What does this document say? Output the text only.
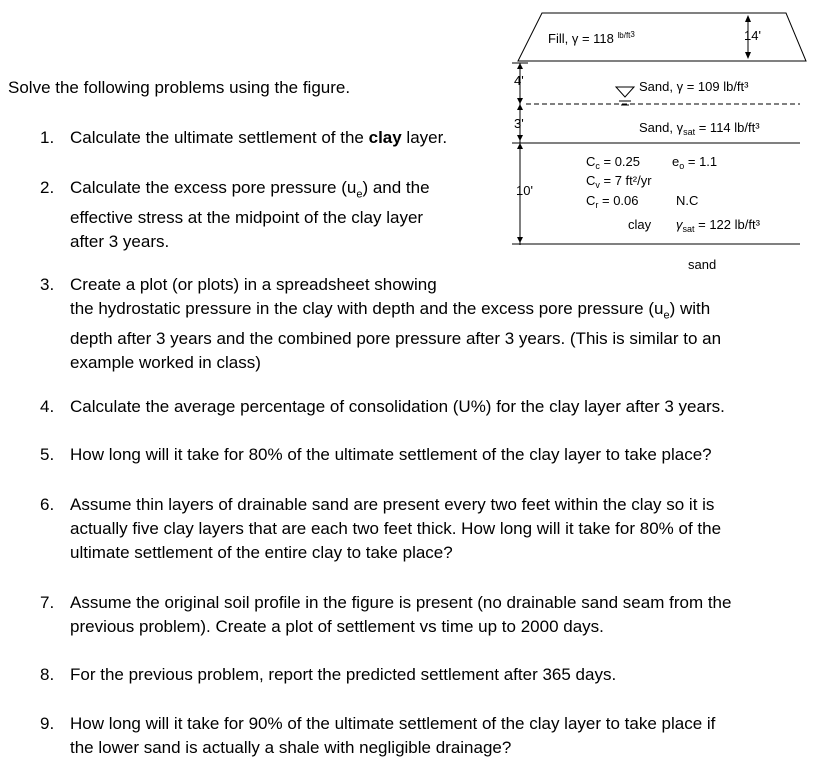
Solve the following problems using the figure.
Fill, γ = 118 $^{lb/ft}$3	14'
4'
3'
10'
Sand, γ = 109 lb/ft³
Sand, $\gamma_{sat} = 114$ lb/ft³
$C_c = 0.25$ $e_o = 1.1$
$C_v = 7$ ft²/yr
$C_r = 0.06$	N.C
clay $\gamma_{sat} = 122$ lb/ft³
sand
1. Calculate the ultimate settlement of the clay layer.
2. Calculate the excess pore pressure $(u_e)$ and the
effective stress at the midpoint of the clay layer
after 3 years.
3. Create a plot (or plots) in a spreadsheet showing
the hydrostatic pressure in the clay with depth and the excess pore pressure $(u_e)$ with
depth after 3 years and the combined pore pressure after 3 years. (This is similar to an
example worked in class)
4. Calculate the average percentage of consolidation (U%) for the clay layer after 3 years.
5. How long will it take for 80% of the ultimate settlement of the clay layer to take place?
6. Assume thin layers of drainable sand are present every two feet within the clay so it is
actually five clay layers that are each two feet thick. How long will it take for 80% of the
ultimate settlement of the entire clay to take place?
7. Assume the original soil profile in the figure is present (no drainable sand seam from the
previous problem). Create a plot of settlement vs time up to 2000 days.
8. For the previous problem, report the predicted settlement after 365 days.
9. How long will it take for 90% of the ultimate settlement of the clay layer to take place if
the lower sand is actually a shale with negligible drainage?
